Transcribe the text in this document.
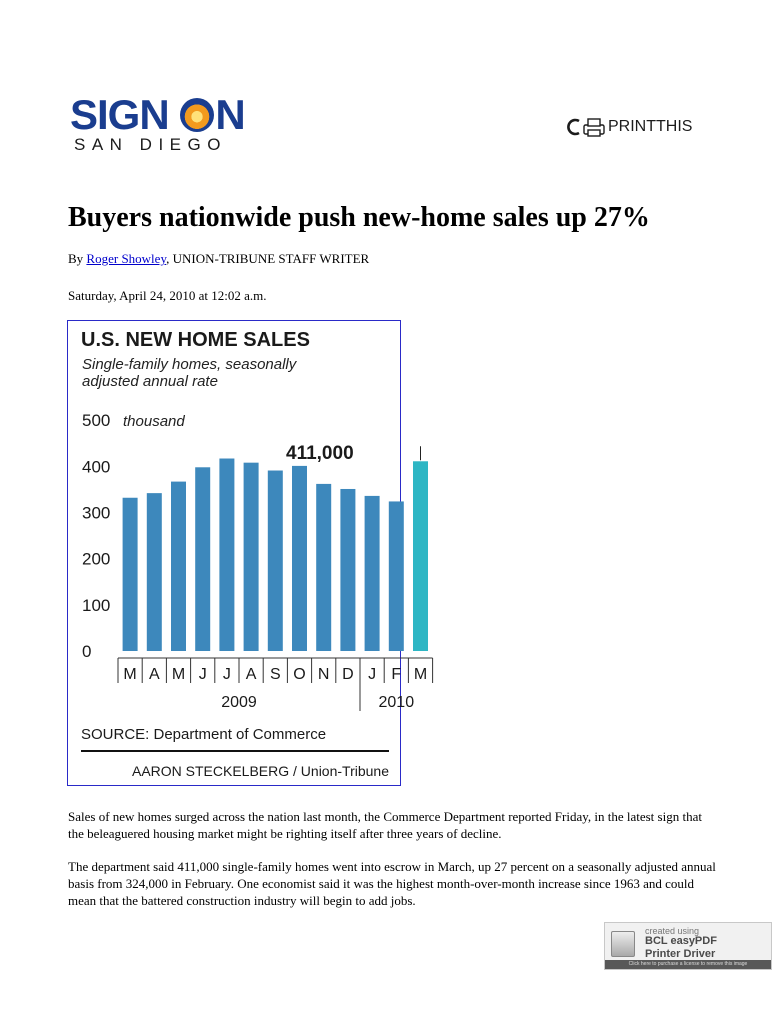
SIGN N
SAN DIEGO
PRINTTHIS
Buyers nationwide push new-home sales up 27%
By Roger Showley, UNION-TRIBUNE STAFF WRITER
Saturday, April 24, 2010 at 12:02 a.m.
U.S. NEW HOME SALES
Single-family homes, seasonally
adjusted annual rate
0
100
200
300
400
500 thousand
411,000
M A M J J A S O N D J F M
2009	2010
SOURCE: Department of Commerce
AARON STECKELBERG / Union-Tribune

Sales of new homes surged across the nation last month, the Commerce Department reported Friday, in the latest sign that the beleaguered housing market might be righting itself after three years of decline.

The department said 411,000 single-family homes went into escrow in March, up 27 percent on a seasonally adjusted annual basis from 324,000 in February. One economist said it was the highest month-over-month increase since 1963 and could mean that the battered construction industry will begin to add jobs.

created using
BCL easyPDF
Printer Driver
Click here to purchase a license to remove this image
